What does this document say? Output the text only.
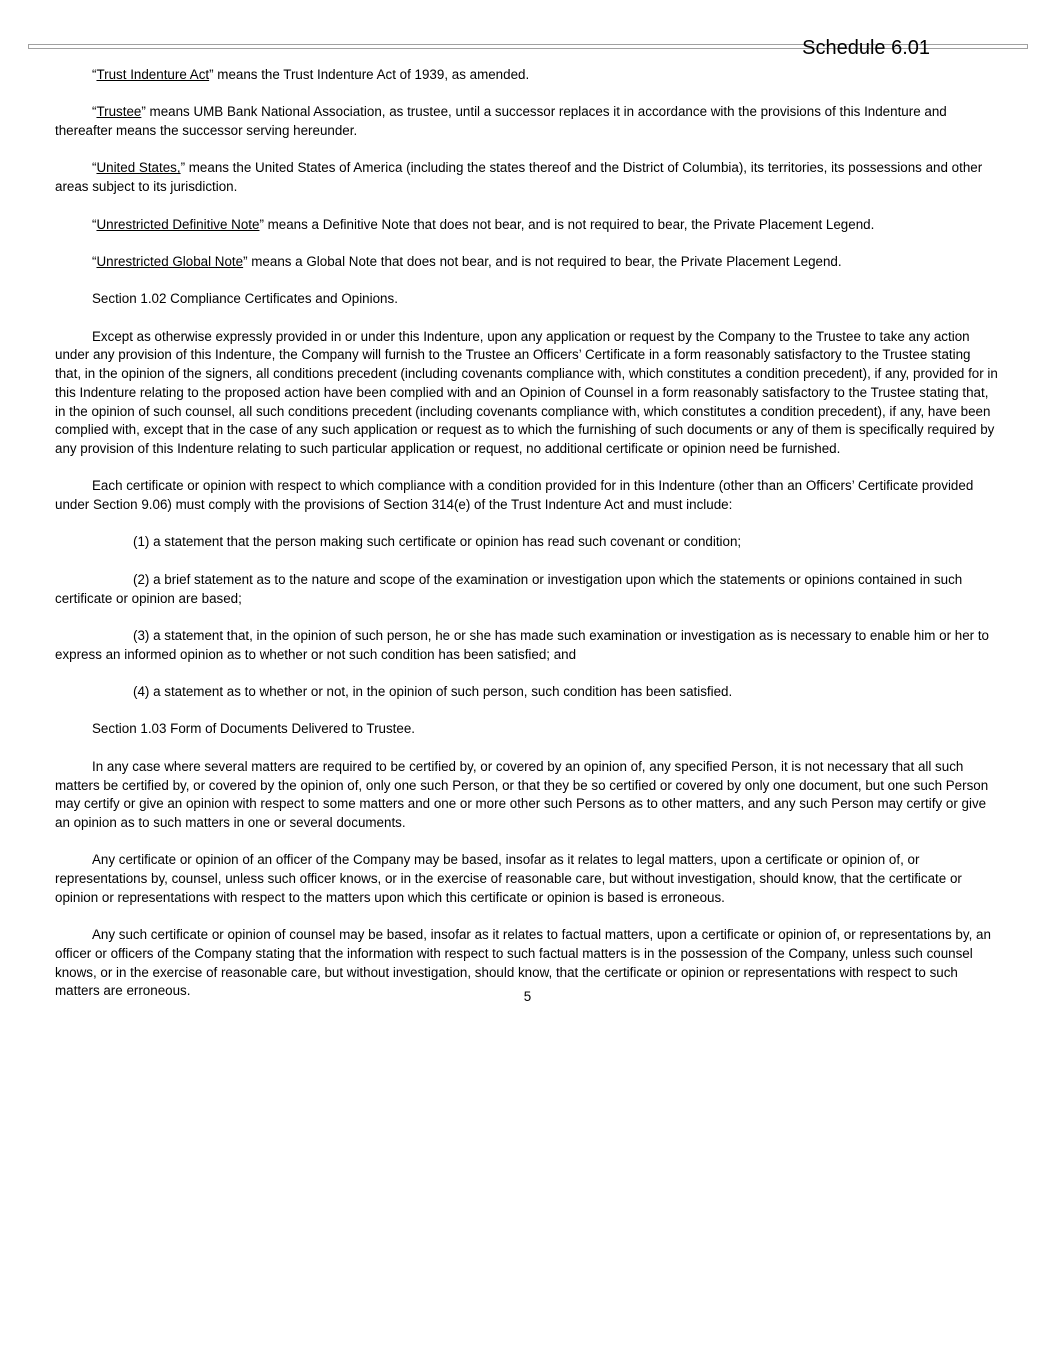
Schedule 6.01

“Trust Indenture Act” means the Trust Indenture Act of 1939, as amended.

“Trustee” means UMB Bank National Association, as trustee, until a successor replaces it in accordance with the provisions of this Indenture and thereafter means the successor serving hereunder.

“United States,” means the United States of America (including the states thereof and the District of Columbia), its territories, its possessions and other areas subject to its jurisdiction.

“Unrestricted Definitive Note” means a Definitive Note that does not bear, and is not required to bear, the Private Placement Legend.

“Unrestricted Global Note” means a Global Note that does not bear, and is not required to bear, the Private Placement Legend.

Section 1.02 Compliance Certificates and Opinions.

Except as otherwise expressly provided in or under this Indenture, upon any application or request by the Company to the Trustee to take any action under any provision of this Indenture, the Company will furnish to the Trustee an Officers’ Certificate in a form reasonably satisfactory to the Trustee stating that, in the opinion of the signers, all conditions precedent (including covenants compliance with, which constitutes a condition precedent), if any, provided for in this Indenture relating to the proposed action have been complied with and an Opinion of Counsel in a form reasonably satisfactory to the Trustee stating that, in the opinion of such counsel, all such conditions precedent (including covenants compliance with, which constitutes a condition precedent), if any, have been complied with, except that in the case of any such application or request as to which the furnishing of such documents or any of them is specifically required by any provision of this Indenture relating to such particular application or request, no additional certificate or opinion need be furnished.

Each certificate or opinion with respect to which compliance with a condition provided for in this Indenture (other than an Officers’ Certificate provided under Section 9.06) must comply with the provisions of Section 314(e) of the Trust Indenture Act and must include:

(1) a statement that the person making such certificate or opinion has read such covenant or condition;

(2) a brief statement as to the nature and scope of the examination or investigation upon which the statements or opinions contained in such certificate or opinion are based;

(3) a statement that, in the opinion of such person, he or she has made such examination or investigation as is necessary to enable him or her to express an informed opinion as to whether or not such condition has been satisfied; and

(4) a statement as to whether or not, in the opinion of such person, such condition has been satisfied.

Section 1.03 Form of Documents Delivered to Trustee.

In any case where several matters are required to be certified by, or covered by an opinion of, any specified Person, it is not necessary that all such matters be certified by, or covered by the opinion of, only one such Person, or that they be so certified or covered by only one document, but one such Person may certify or give an opinion with respect to some matters and one or more other such Persons as to other matters, and any such Person may certify or give an opinion as to such matters in one or several documents.

Any certificate or opinion of an officer of the Company may be based, insofar as it relates to legal matters, upon a certificate or opinion of, or representations by, counsel, unless such officer knows, or in the exercise of reasonable care, but without investigation, should know, that the certificate or opinion or representations with respect to the matters upon which this certificate or opinion is based is erroneous.

Any such certificate or opinion of counsel may be based, insofar as it relates to factual matters, upon a certificate or opinion of, or representations by, an officer or officers of the Company stating that the information with respect to such factual matters is in the possession of the Company, unless such counsel knows, or in the exercise of reasonable care, but without investigation, should know, that the certificate or opinion or representations with respect to such matters are erroneous.	5
